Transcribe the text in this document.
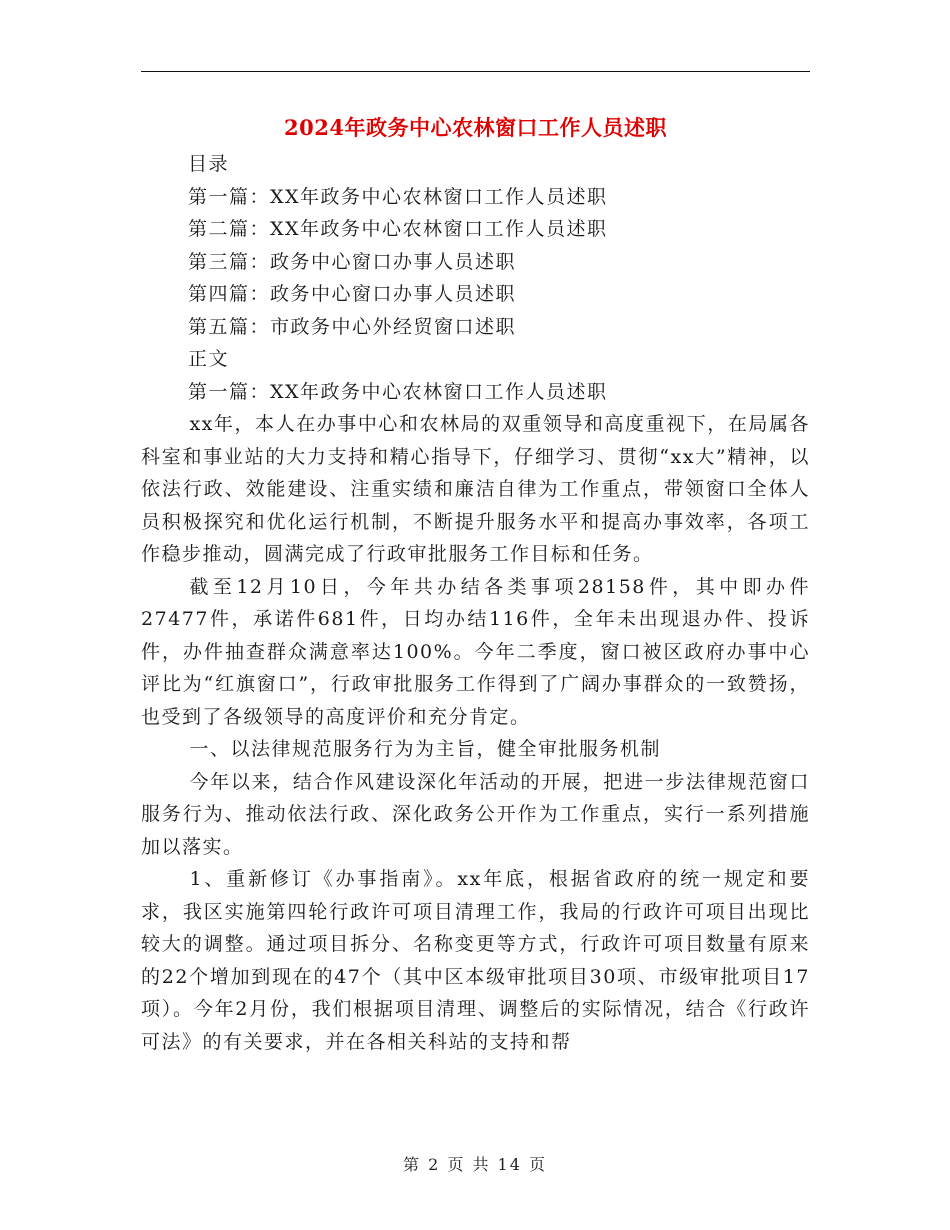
2024年政务中心农林窗口工作人员述职

目录

第一篇：XX年政务中心农林窗口工作人员述职

第二篇：XX年政务中心农林窗口工作人员述职

第三篇：政务中心窗口办事人员述职

第四篇：政务中心窗口办事人员述职

第五篇：市政务中心外经贸窗口述职

正文

第一篇：XX年政务中心农林窗口工作人员述职

xx年，本人在办事中心和农林局的双重领导和高度重视下，在局属各科室和事业站的大力支持和精心指导下，仔细学习、贯彻“xx大”精神，以依法行政、效能建设、注重实绩和廉洁自律为工作重点，带领窗口全体人员积极探究和优化运行机制，不断提升服务水平和提高办事效率，各项工作稳步推动，圆满完成了行政审批服务工作目标和任务。

截至12月10日，今年共办结各类事项28158件，其中即办件27477件，承诺件681件，日均办结116件，全年未出现退办件、投诉件，办件抽查群众满意率达100%。今年二季度，窗口被区政府办事中心评比为“红旗窗口”，行政审批服务工作得到了广阔办事群众的一致赞扬，也受到了各级领导的高度评价和充分肯定。

一、以法律规范服务行为为主旨，健全审批服务机制

今年以来，结合作风建设深化年活动的开展，把进一步法律规范窗口服务行为、推动依法行政、深化政务公开作为工作重点，实行一系列措施加以落实。

1、重新修订《办事指南》。xx年底，根据省政府的统一规定和要求，我区实施第四轮行政许可项目清理工作，我局的行政许可项目出现比较大的调整。通过项目拆分、名称变更等方式，行政许可项目数量有原来的22个增加到现在的47个（其中区本级审批项目30项、市级审批项目17项）。今年2月份，我们根据项目清理、调整后的实际情况，结合《行政许可法》的有关要求，并在各相关科站的支持和帮

第 2 页 共 14 页
